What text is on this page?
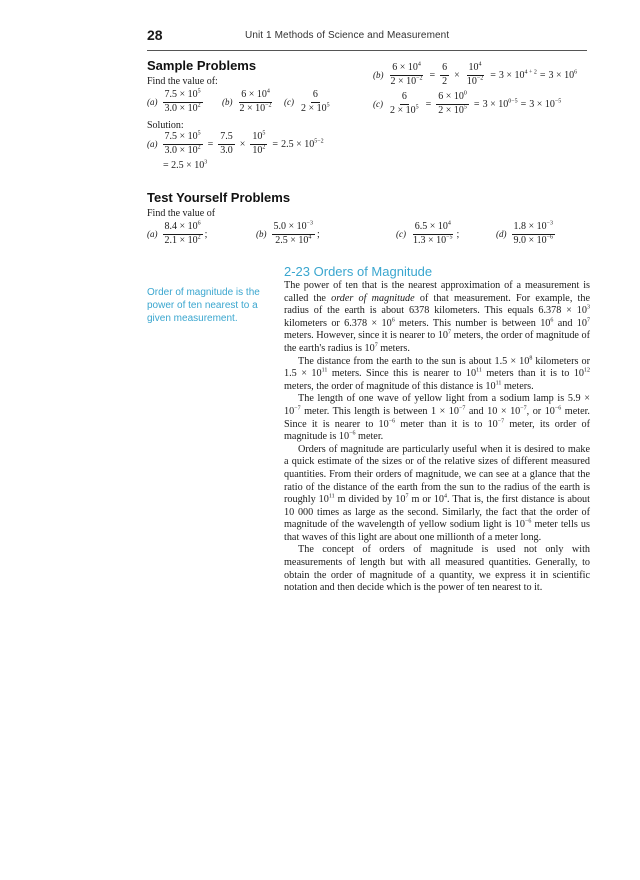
28	Unit 1 Methods of Science and Measurement
Sample Problems
Find the value of:
$(a) \frac{7.5 \times 10^5}{3.0 \times 10^2} (b) \frac{6 \times 10^4}{2 \times 10^{-2}} (c) \frac{6}{2 \times 10^5}$
Solution:
$(a) \frac{7.5 \times 10^5}{3.0 \times 10^2} = \frac{7.5}{3.0} \times \frac{10^5}{10^2} = 2.5 \times 10^{5-2}$
= $2.5 \times 10^3$
$(b) \frac{6 \times 10^4}{2 \times 10^{-2}} = \frac{6}{2} \times \frac{10^4}{10^{-2}} = 3 \times 10^{4 + 2} = 3 \times 10^6$
$(c) \frac{6}{2 \times 10^5} = \frac{6 \times 10^0}{2 \times 10^5} = 3 \times 10^{0-5} = 3 \times 10^{-5}$
Test Yourself Problems
Find the value of
$(a) \frac{8.4 \times 10^6}{2.1 \times 10^2}$ ;	$(b) \frac{5.0 \times 10^{-3}}{2.5 \times 10^4}$ ;	$(c) \frac{6.5 \times 10^4}{1.3 \times 10^{-5}}$ ;	$(d) \frac{1.8 \times 10^{-3}}{9.0 \times 10^{-6}}$
2-23 Orders of Magnitude
Order of magnitude is the power of ten nearest to a given measurement.

The power of ten that is the nearest approximation of a measurement is called the order of magnitude of that measurement. For example, the radius of the earth is about 6378 kilometers. This equals $6.378 \times 10^3$ kilometers or $6.378 \times 10^6$ meters. This number is between $10^6$ and $10^7$ meters. However, since it is nearer to $10^7$ meters, the order of magnitude of the earth's radius is $10^7$ meters.

The distance from the earth to the sun is about $1.5 \times 10^8$ kilometers or $1.5 \times 10^{11}$ meters. Since this is nearer to $10^{11}$ meters than it is to $10^{12}$ meters, the order of magnitude of this distance is $10^{11}$ meters.

The length of one wave of yellow light from a sodium lamp is $5.9 \times 10^{-7}$ meter. This length is between $1 \times 10^{-7}$ and $10 \times 10^{-7}$, or $10^{-6}$ meter. Since it is nearer to $10^{-6}$ meter than it is to $10^{-7}$ meter, its order of magnitude is $10^{-6}$ meter.

Orders of magnitude are particularly useful when it is desired to make a quick estimate of the sizes or of the relative sizes of different measured quantities. From their orders of magnitude, we can see at a glance that the ratio of the distance of the earth from the sun to the radius of the earth is roughly $10^{11}$ m divided by $10^7$ m or $10^4$. That is, the first distance is about 10 000 times as large as the second. Similarly, the fact that the order of magnitude of the wavelength of yellow sodium light is $10^{-6}$ meter tells us that waves of this light are about one millionth of a meter long.

The concept of orders of magnitude is used not only with measurements of length but with all measured quantities. Generally, to obtain the order of magnitude of a quantity, we express it in scientific notation and then decide which is the power of ten nearest to it.
